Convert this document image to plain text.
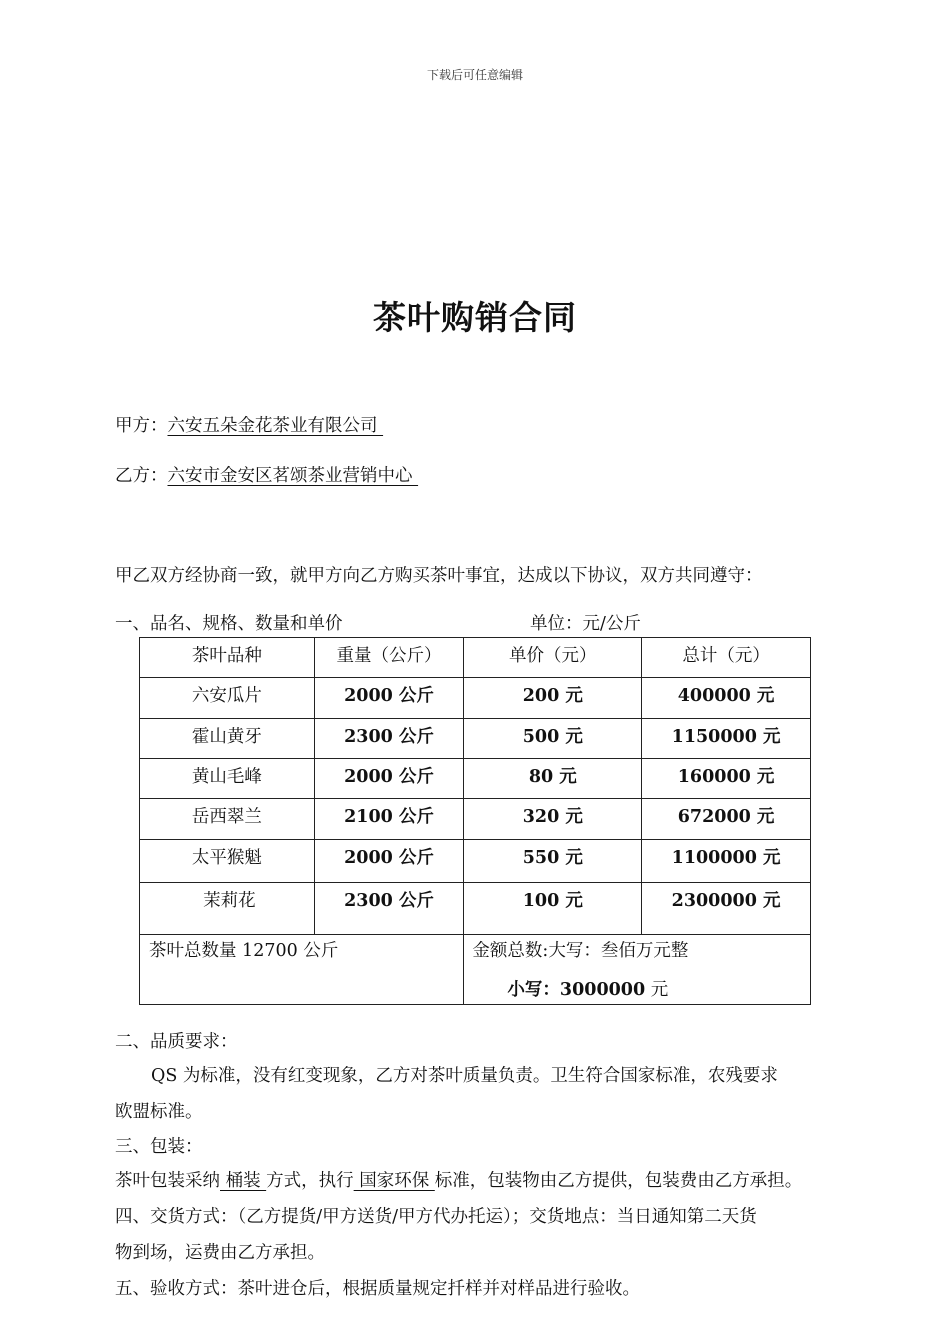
下载后可任意编辑
茶叶购销合同
甲方：六安五朵金花茶业有限公司
乙方：六安市金安区茗颂茶业营销中心
甲乙双方经协商一致，就甲方向乙方购买茶叶事宜，达成以下协议，双方共同遵守：
一、品名、规格、数量和单价	单位：元/公斤
茶叶品种	重量（公斤）	单价（元）	总计（元）

六安瓜片	2000 公斤	200 元	400000 元

霍山黄牙	2300 公斤	500 元	1150000 元

黄山毛峰	2000 公斤	80 元	160000 元

岳西翠兰	2100 公斤	320 元	672000 元

太平猴魁	2000 公斤	550 元	1100000 元

茉莉花	2300 公斤	100 元	2300000 元

茶叶总数量 12700 公斤		金额总数:大写：叁佰万元整
小写：3000000 元	
二、品质要求：
QS 为标准，没有红变现象，乙方对茶叶质量负责。卫生符合国家标准，农残要求
欧盟标准。
三、包装：
茶叶包装采纳 桶装 方式，执行 国家环保 标准，包装物由乙方提供，包装费由乙方承担。
四、交货方式：（乙方提货/甲方送货/甲方代办托运）；交货地点：当日通知第二天货
物到场，运费由乙方承担。
五、验收方式：茶叶进仓后，根据质量规定扦样并对样品进行验收。
